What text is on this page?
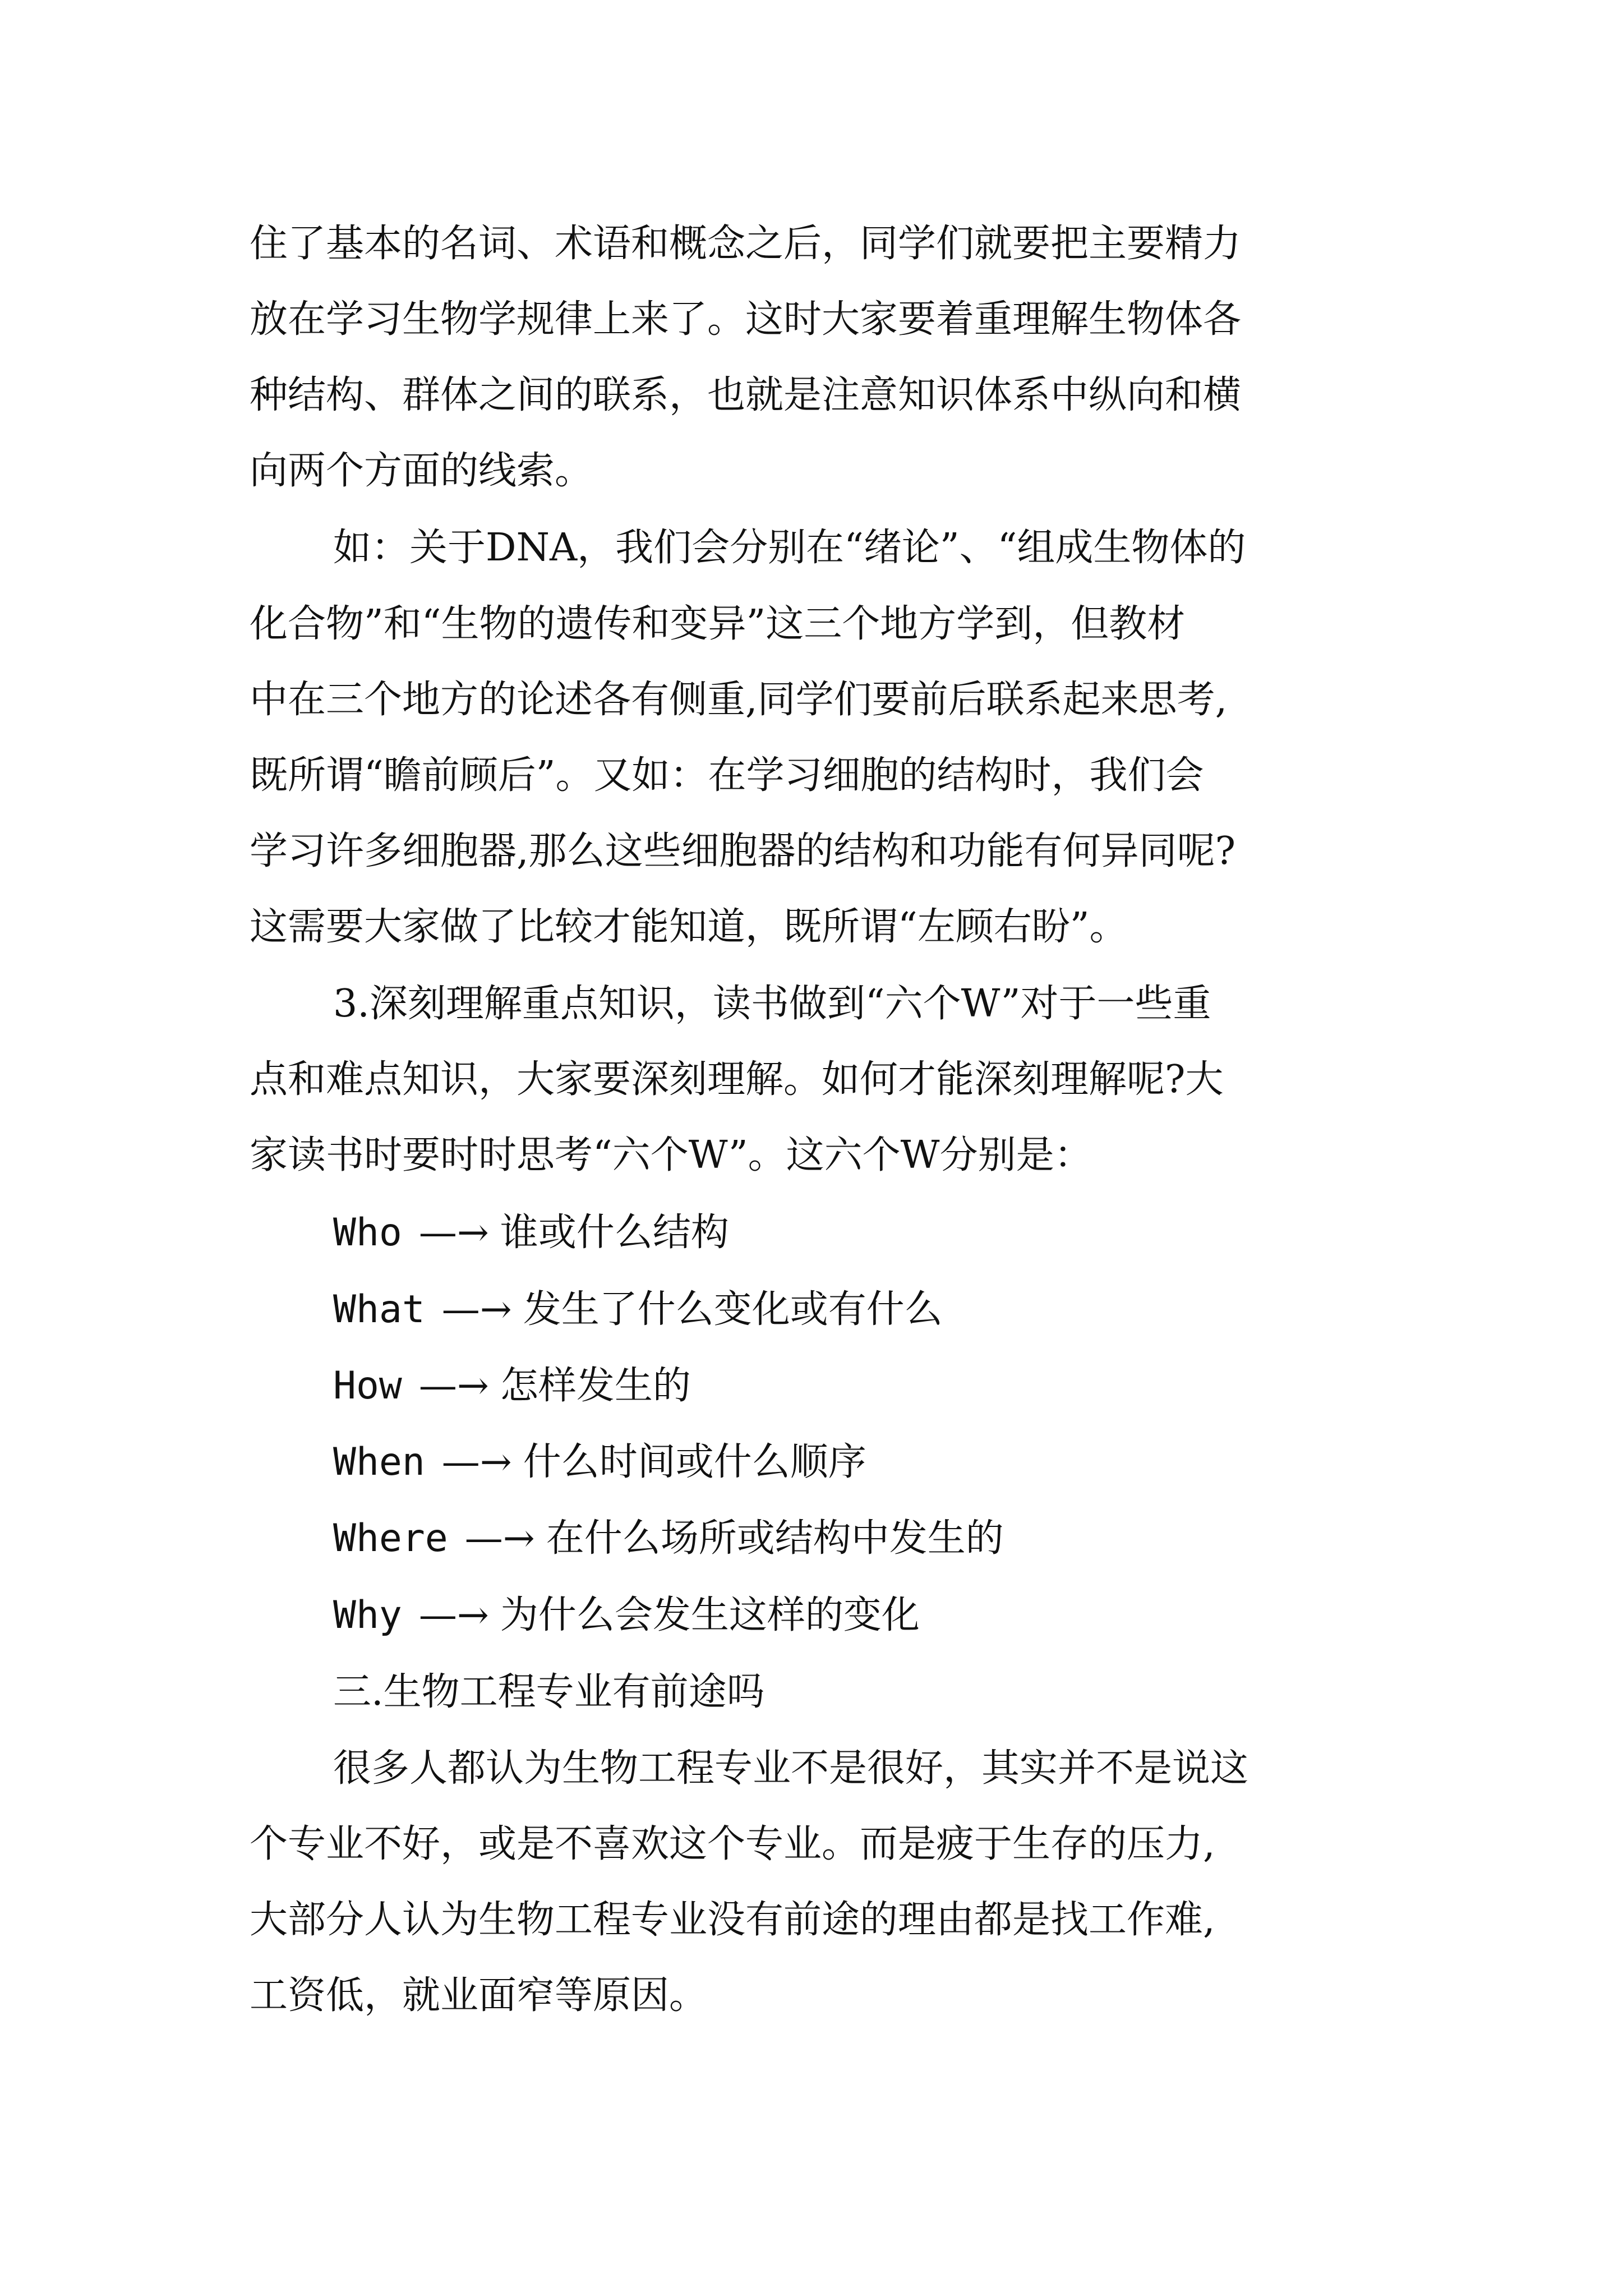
住了基本的名词、术语和概念之后，同学们就要把主要精力
放在学习生物学规律上来了。这时大家要着重理解生物体各
种结构、群体之间的联系，也就是注意知识体系中纵向和横
向两个方面的线索。
如：关于DNA，我们会分别在“绪论”、“组成生物体的
化合物”和“生物的遗传和变异”这三个地方学到，但教材
中在三个地方的论述各有侧重,同学们要前后联系起来思考,
既所谓“瞻前顾后”。又如：在学习细胞的结构时，我们会
学习许多细胞器,那么这些细胞器的结构和功能有何异同呢?
这需要大家做了比较才能知道，既所谓“左顾右盼”。
3.深刻理解重点知识，读书做到“六个W”对于一些重
点和难点知识，大家要深刻理解。如何才能深刻理解呢?大
家读书时要时时思考“六个W”。这六个W分别是：
Who —→ 谁或什么结构
What —→ 发生了什么变化或有什么
How —→ 怎样发生的
When —→ 什么时间或什么顺序
Where —→ 在什么场所或结构中发生的
Why —→ 为什么会发生这样的变化
三.生物工程专业有前途吗
很多人都认为生物工程专业不是很好，其实并不是说这
个专业不好，或是不喜欢这个专业。而是疲于生存的压力,
大部分人认为生物工程专业没有前途的理由都是找工作难,
工资低，就业面窄等原因。
